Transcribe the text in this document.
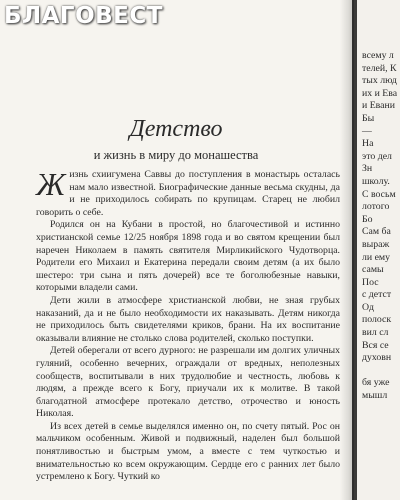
Детство

и жизнь в миру до монашества

Жизнь схиигумена Саввы до поступления в монастырь осталась нам мало известной. Биографические данные весьма скудны, да и не приходилось собирать по крупицам. Старец не любил говорить о себе.

Родился он на Кубани в простой, но благочестивой и истинно христианской семье 12/25 ноября 1898 года и во святом крещении был наречен Николаем в память святителя Мирликийского Чудотворца. Родители его Михаил и Екатерина передали своим детям (а их было шестеро: три сына и пять дочерей) все те боголюбезные навыки, которыми владели сами.

Дети жили в атмосфере христианской любви, не зная грубых наказаний, да и не было необходимости их наказывать. Детям никогда не приходилось быть свидетелями криков, брани. На их воспитание оказывали влияние не столько слова родителей, сколько поступки.

Детей оберегали от всего дурного: не разрешали им долгих уличных гуляний, особенно вечерних, ограждали от вредных, неполезных сообществ, воспитывали в них трудолюбие и честность, любовь к людям, а прежде всего к Богу, приучали их к молитве. В такой благодатной атмосфере протекало детство, отрочество и юность Николая.

Из всех детей в семье выделялся именно он, по счету пятый. Рос он мальчиком особенным. Живой и подвижный, наделен был большой понятливостью и быстрым умом, а вместе с тем чуткостью и внимательностью ко всем окружающим. Сердце его с ранних лет было устремлено к Богу. Чуткий ко

всему л
телей, К
тых люд
их и Ева
и Евани
Бы
—
На
это дел
Зн
школу.
С восьм
лотого
Бо
Сам ба
выраж
ли ему
самы
Пос
с детст
Од
полоск
вил сл
Вся се
духовн

бя уже
мышл
БЛАГОВЕСТ
